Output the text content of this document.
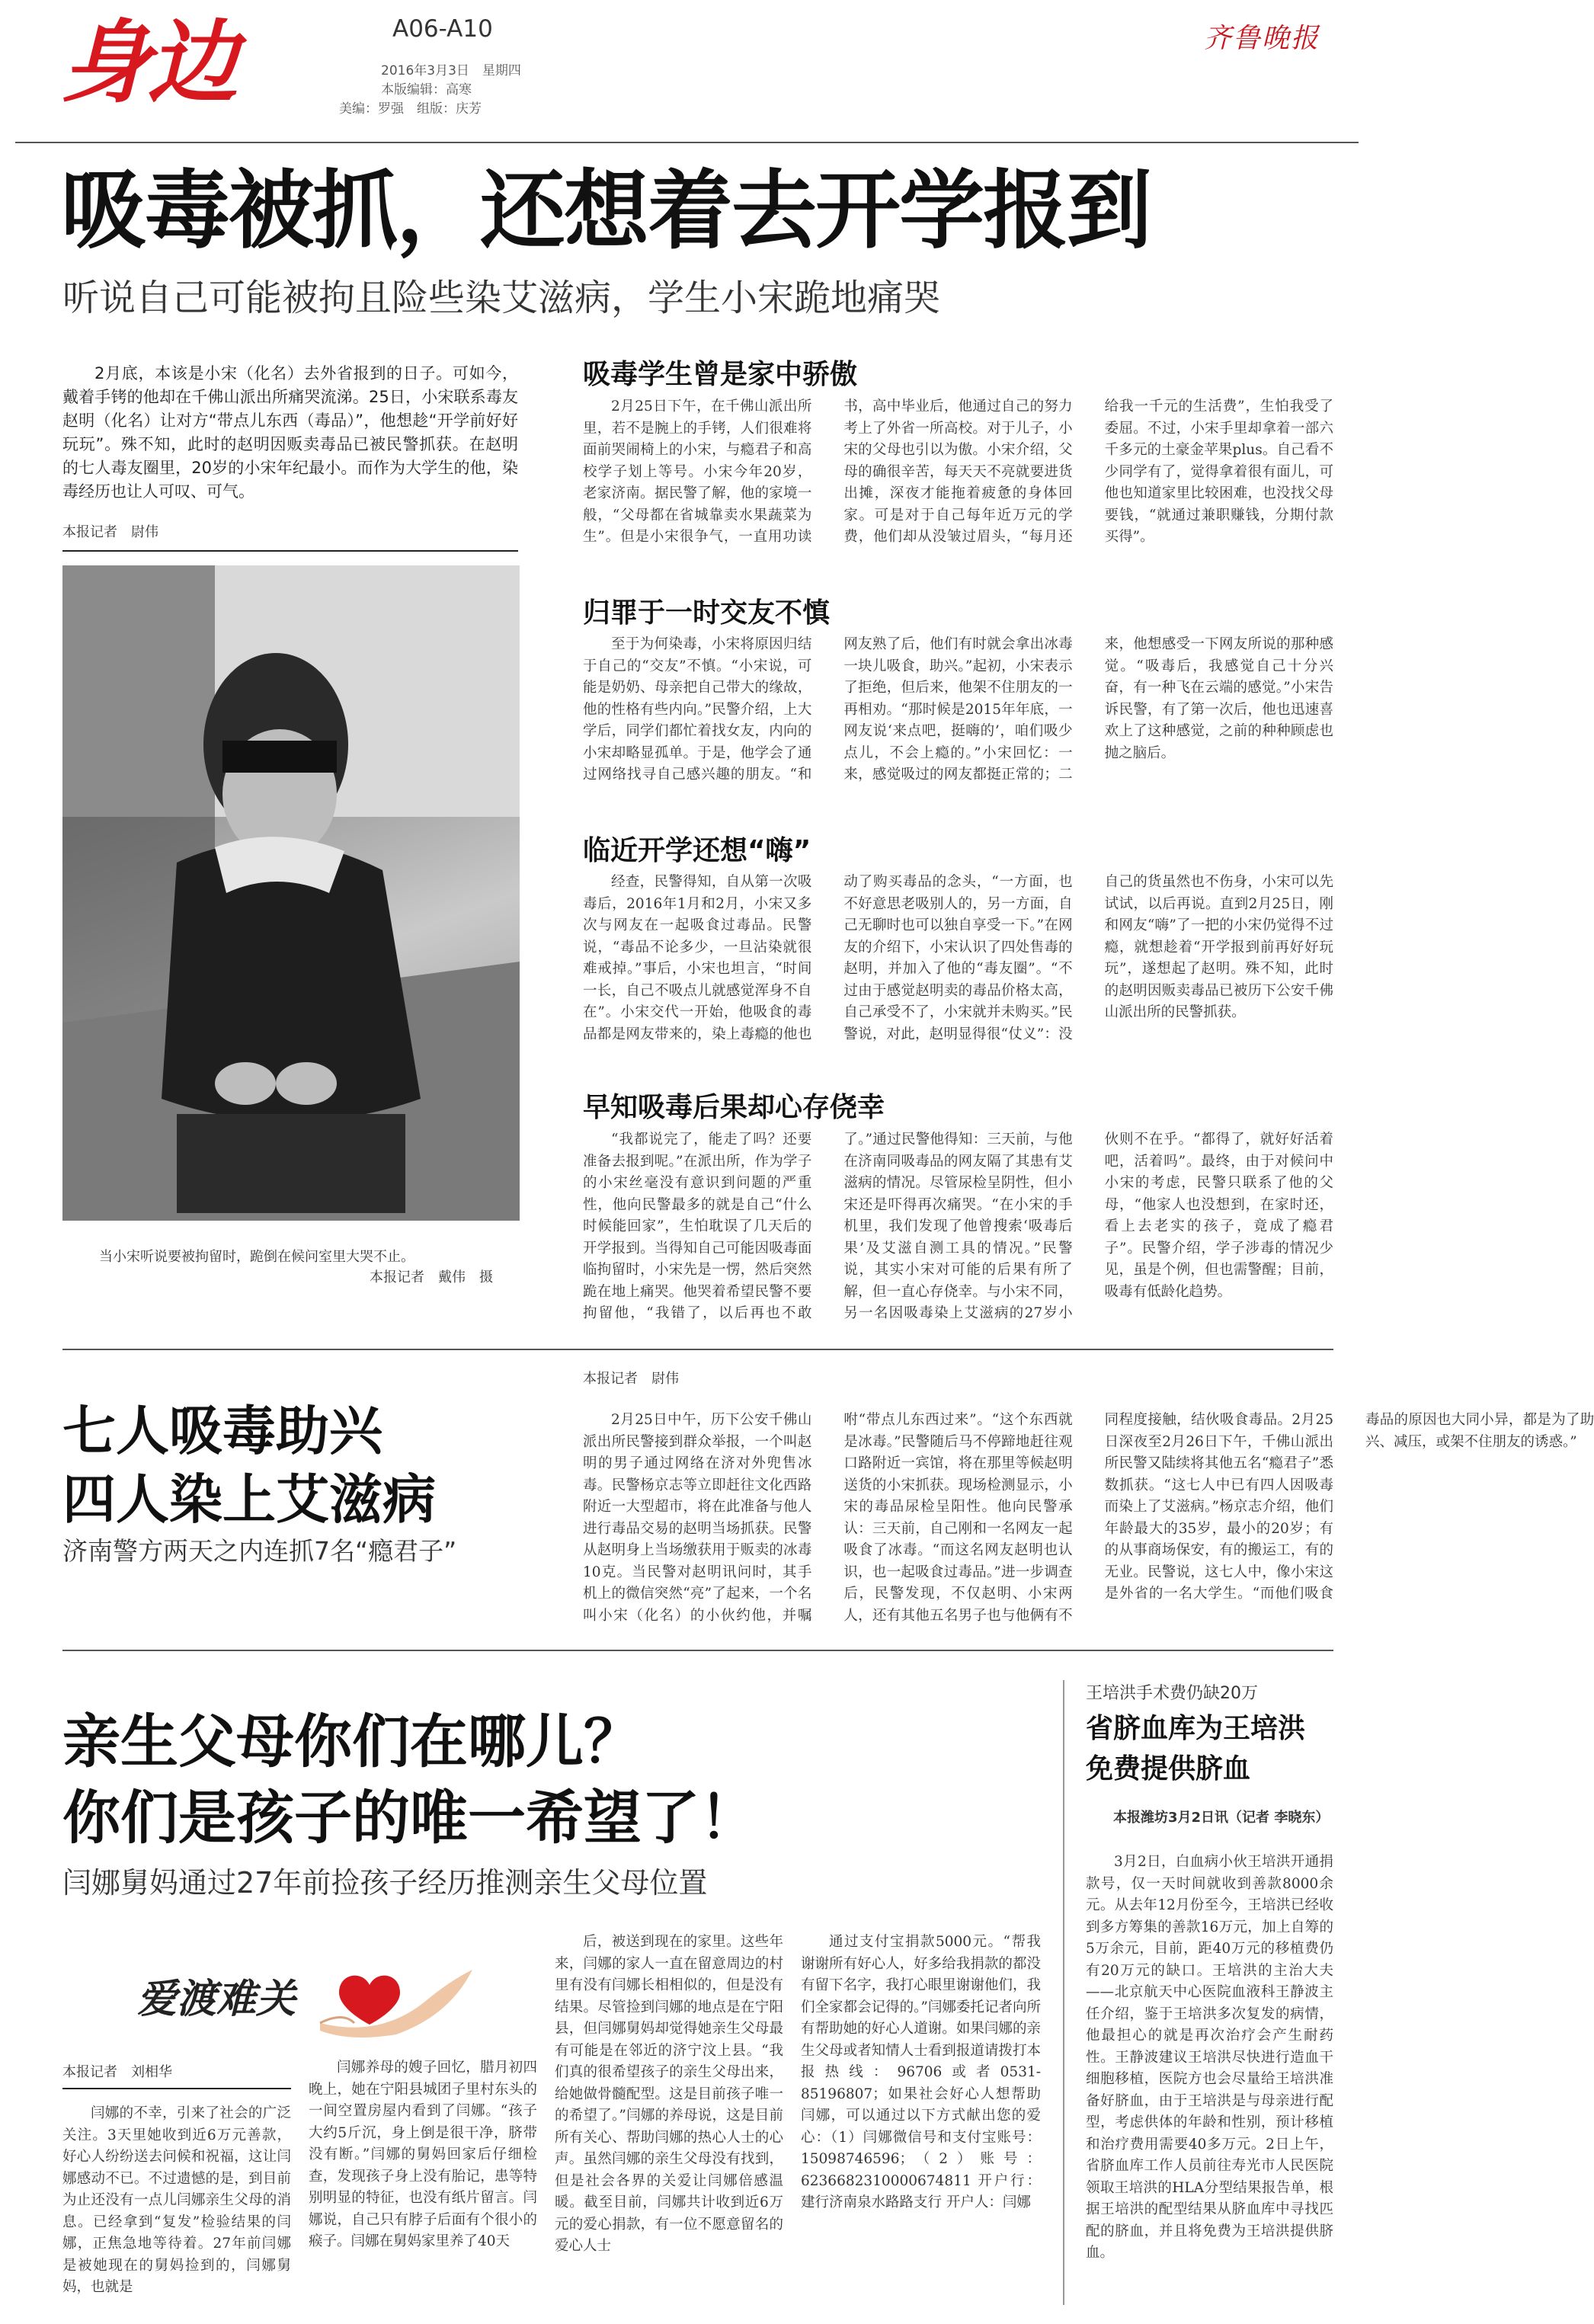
身边	A06-A10
2016年3月3日　星期四
本版编辑：高寒
美编：罗强　组版：庆芳
齐鲁晚报
吸毒被抓，还想着去开学报到
听说自己可能被拘且险些染艾滋病，学生小宋跪地痛哭
2月底，本该是小宋（化名）去外省报到的日子。可如今，戴着手铐的他却在千佛山派出所痛哭流涕。25日，小宋联系毒友赵明（化名）让对方“带点儿东西（毒品）”，他想趁“开学前好好玩玩”。殊不知，此时的赵明因贩卖毒品已被民警抓获。在赵明的七人毒友圈里，20岁的小宋年纪最小。而作为大学生的他，染毒经历也让人可叹、可气。
本报记者　尉伟
当小宋听说要被拘留时，跪倒在候问室里大哭不止。
本报记者　戴伟　摄
吸毒学生曾是家中骄傲
2月25日下午，在千佛山派出所里，若不是腕上的手铐，人们很难将面前哭闹椅上的小宋，与瘾君子和高校学子划上等号。小宋今年20岁，老家济南。据民警了解，他的家境一般，“父母都在省城靠卖水果蔬菜为生”。但是小宋很争气，一直用功读书，高中毕业后，他通过自己的努力考上了外省一所高校。对于儿子，小宋的父母也引以为傲。小宋介绍，父母的确很辛苦，每天天不亮就要进货出摊，深夜才能拖着疲惫的身体回家。可是对于自己每年近万元的学费，他们却从没皱过眉头，“每月还给我一千元的生活费”，生怕我受了委屈。不过，小宋手里却拿着一部六千多元的土豪金苹果plus。自己看不少同学有了，觉得拿着很有面儿，可他也知道家里比较困难，也没找父母要钱，“就通过兼职赚钱，分期付款买得”。
归罪于一时交友不慎
至于为何染毒，小宋将原因归结于自己的“交友”不慎。“小宋说，可能是奶奶、母亲把自己带大的缘故，他的性格有些内向。”民警介绍，上大学后，同学们都忙着找女友，内向的小宋却略显孤单。于是，他学会了通过网络找寻自己感兴趣的朋友。“和网友熟了后，他们有时就会拿出冰毒一块儿吸食，助兴。”起初，小宋表示了拒绝，但后来，他架不住朋友的一再相劝。“那时候是2015年年底，一网友说‘来点吧，挺嗨的’，咱们吸少点儿，不会上瘾的。”小宋回忆：一来，感觉吸过的网友都挺正常的；二来，他想感受一下网友所说的那种感觉。“吸毒后，我感觉自己十分兴奋，有一种飞在云端的感觉。”小宋告诉民警，有了第一次后，他也迅速喜欢上了这种感觉，之前的种种顾虑也抛之脑后。
临近开学还想“嗨”
经查，民警得知，自从第一次吸毒后，2016年1月和2月，小宋又多次与网友在一起吸食过毒品。民警说，“毒品不论多少，一旦沾染就很难戒掉。”事后，小宋也坦言，“时间一长，自己不吸点儿就感觉浑身不自在”。小宋交代一开始，他吸食的毒品都是网友带来的，染上毒瘾的他也动了购买毒品的念头，“一方面，也不好意思老吸别人的，另一方面，自己无聊时也可以独自享受一下。”在网友的介绍下，小宋认识了四处售毒的赵明，并加入了他的“毒友圈”。“不过由于感觉赵明卖的毒品价格太高，自己承受不了，小宋就并未购买。”民警说，对此，赵明显得很“仗义”：没自己的货虽然也不伤身，小宋可以先试试，以后再说。直到2月25日，刚和网友“嗨”了一把的小宋仍觉得不过瘾，就想趁着“开学报到前再好好玩玩”，遂想起了赵明。殊不知，此时的赵明因贩卖毒品已被历下公安千佛山派出所的民警抓获。
早知吸毒后果却心存侥幸
“我都说完了，能走了吗？还要准备去报到呢。”在派出所，作为学子的小宋丝毫没有意识到问题的严重性，他向民警最多的就是自己“什么时候能回家”，生怕耽误了几天后的开学报到。当得知自己可能因吸毒面临拘留时，小宋先是一愣，然后突然跪在地上痛哭。他哭着希望民警不要拘留他，“我错了，以后再也不敢了。”通过民警他得知：三天前，与他在济南同吸毒品的网友隔了其患有艾滋病的情况。尽管尿检呈阴性，但小宋还是吓得再次痛哭。“在小宋的手机里，我们发现了他曾搜索‘吸毒后果’及艾滋自测工具的情况。”民警说，其实小宋对可能的后果有所了解，但一直心存侥幸。与小宋不同，另一名因吸毒染上艾滋病的27岁小伙则不在乎。“都得了，就好好活着吧，活着吗”。最终，由于对候问中小宋的考虑，民警只联系了他的父母，“他家人也没想到，在家时还，看上去老实的孩子，竟成了瘾君子”。民警介绍，学子涉毒的情况少见，虽是个例，但也需警醒；目前，吸毒有低龄化趋势。
七人吸毒助兴
四人染上艾滋病
济南警方两天之内连抓7名“瘾君子”
本报记者　尉伟
2月25日中午，历下公安千佛山派出所民警接到群众举报，一个叫赵明的男子通过网络在济对外兜售冰毒。民警杨京志等立即赶往文化西路附近一大型超市，将在此准备与他人进行毒品交易的赵明当场抓获。民警从赵明身上当场缴获用于贩卖的冰毒10克。当民警对赵明讯问时，其手机上的微信突然“亮”了起来，一个名叫小宋（化名）的小伙约他，并嘱咐“带点儿东西过来”。“这个东西就是冰毒。”民警随后马不停蹄地赶往观口路附近一宾馆，将在那里等候赵明送货的小宋抓获。现场检测显示，小宋的毒品尿检呈阳性。他向民警承认：三天前，自己刚和一名网友一起吸食了冰毒。“而这名网友赵明也认识，也一起吸食过毒品。”进一步调查后，民警发现，不仅赵明、小宋两人，还有其他五名男子也与他俩有不同程度接触，结伙吸食毒品。2月25日深夜至2月26日下午，千佛山派出所民警又陆续将其他五名“瘾君子”悉数抓获。“这七人中已有四人因吸毒而染上了艾滋病。”杨京志介绍，他们年龄最大的35岁，最小的20岁；有的从事商场保安，有的搬运工，有的无业。民警说，这七人中，像小宋这是外省的一名大学生。“而他们吸食毒品的原因也大同小异，都是为了助兴、减压，或架不住朋友的诱惑。”
亲生父母你们在哪儿？
你们是孩子的唯一希望了！
闫娜舅妈通过27年前捡孩子经历推测亲生父母位置
爱渡难关
本报记者　刘相华
闫娜的不幸，引来了社会的广泛关注。3天里她收到近6万元善款，好心人纷纷送去问候和祝福，这让闫娜感动不已。不过遗憾的是，到目前为止还没有一点儿闫娜亲生父母的消息。已经拿到“复发”检验结果的闫娜，正焦急地等待着。27年前闫娜是被她现在的舅妈捡到的，闫娜舅妈，也就是
闫娜养母的嫂子回忆，腊月初四晚上，她在宁阳县城团子里村东头的一间空置房屋内看到了闫娜。“孩子大约5斤沉，身上倒是很干净，脐带没有断。”闫娜的舅妈回家后仔细检查，发现孩子身上没有胎记，患等特别明显的特征，也没有纸片留言。闫娜说，自己只有脖子后面有个很小的瘊子。闫娜在舅妈家里养了40天
后，被送到现在的家里。这些年来，闫娜的家人一直在留意周边的村里有没有闫娜长相相似的，但是没有结果。尽管捡到闫娜的地点是在宁阳县，但闫娜舅妈却觉得她亲生父母最有可能是在邻近的济宁汶上县。“我们真的很希望孩子的亲生父母出来，给她做骨髓配型。这是目前孩子唯一的希望了。”闫娜的养母说，这是目前所有关心、帮助闫娜的热心人士的心声。虽然闫娜的亲生父母没有找到，但是社会各界的关爱让闫娜倍感温暖。截至目前，闫娜共计收到近6万元的爱心捐款，有一位不愿意留名的爱心人士
通过支付宝捐款5000元。“帮我谢谢所有好心人，好多给我捐款的都没有留下名字，我打心眼里谢谢他们，我们全家都会记得的。”闫娜委托记者向所有帮助她的好心人道谢。如果闫娜的亲生父母或者知情人士看到报道请拨打本报热线：96706或者0531-85196807；如果社会好心人想帮助闫娜，可以通过以下方式献出您的爱心：（1）闫娜微信号和支付宝账号：15098746596；（2）账号：6236682310000674811 开户行：建行济南泉水路路支行 开户人：闫娜
王培洪手术费仍缺20万
省脐血库为王培洪
免费提供脐血
本报潍坊3月2日讯（记者 李晓东）
3月2日，白血病小伙王培洪开通捐款号，仅一天时间就收到善款8000余元。从去年12月份至今，王培洪已经收到多方筹集的善款16万元，加上自筹的5万余元，目前，距40万元的移植费仍有20万元的缺口。王培洪的主治大夫——北京航天中心医院血液科王静波主任介绍，鉴于王培洪多次复发的病情，他最担心的就是再次治疗会产生耐药性。王静波建议王培洪尽快进行造血干细胞移植，医院方也会尽量给王培洪准备好脐血，由于王培洪是与母亲进行配型，考虑供体的年龄和性别，预计移植和治疗费用需要40多万元。2日上午，省脐血库工作人员前往寿光市人民医院领取王培洪的HLA分型结果报告单，根据王培洪的配型结果从脐血库中寻找匹配的脐血，并且将免费为王培洪提供脐血。
